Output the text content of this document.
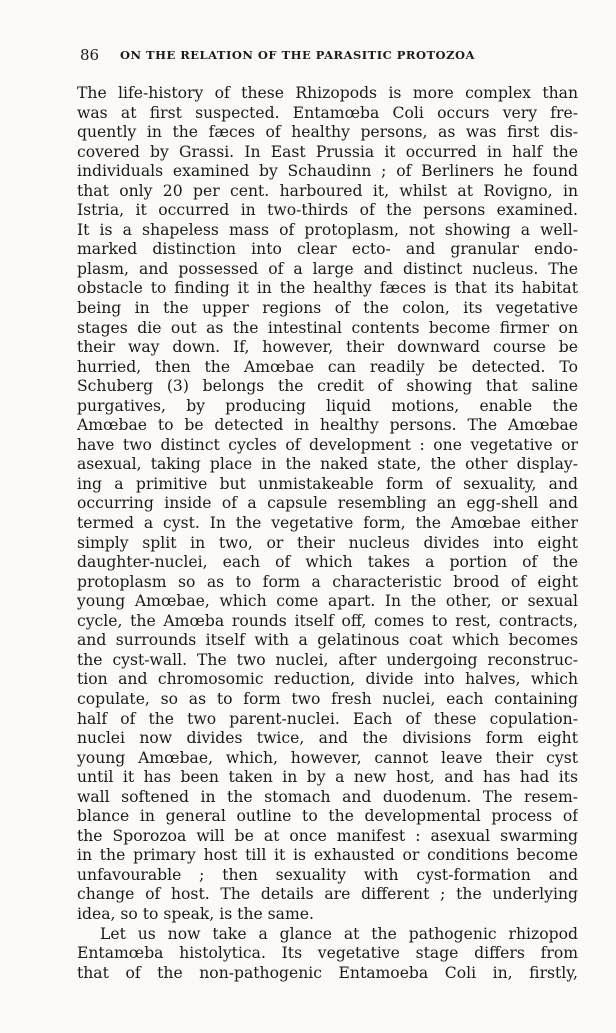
86 ON THE RELATION OF THE PARASITIC PROTOZOA
The life-history of these Rhizopods is more complex than
was at first suspected. Entamœba Coli occurs very fre-
quently in the fæces of healthy persons, as was first dis-
covered by Grassi. In East Prussia it occurred in half the
individuals examined by Schaudinn ; of Berliners he found
that only 20 per cent. harboured it, whilst at Rovigno, in
Istria, it occurred in two-thirds of the persons examined.
It is a shapeless mass of protoplasm, not showing a well-
marked distinction into clear ecto- and granular endo-
plasm, and possessed of a large and distinct nucleus. The
obstacle to finding it in the healthy fæces is that its habitat
being in the upper regions of the colon, its vegetative
stages die out as the intestinal contents become firmer on
their way down. If, however, their downward course be
hurried, then the Amœbae can readily be detected. To
Schuberg (3) belongs the credit of showing that saline
purgatives, by producing liquid motions, enable the
Amœbae to be detected in healthy persons. The Amœbae
have two distinct cycles of development : one vegetative or
asexual, taking place in the naked state, the other display-
ing a primitive but unmistakeable form of sexuality, and
occurring inside of a capsule resembling an egg-shell and
termed a cyst. In the vegetative form, the Amœbae either
simply split in two, or their nucleus divides into eight
daughter-nuclei, each of which takes a portion of the
protoplasm so as to form a characteristic brood of eight
young Amœbae, which come apart. In the other, or sexual
cycle, the Amœba rounds itself off, comes to rest, contracts,
and surrounds itself with a gelatinous coat which becomes
the cyst-wall. The two nuclei, after undergoing reconstruc-
tion and chromosomic reduction, divide into halves, which
copulate, so as to form two fresh nuclei, each containing
half of the two parent-nuclei. Each of these copulation-
nuclei now divides twice, and the divisions form eight
young Amœbae, which, however, cannot leave their cyst
until it has been taken in by a new host, and has had its
wall softened in the stomach and duodenum. The resem-
blance in general outline to the developmental process of
the Sporozoa will be at once manifest : asexual swarming
in the primary host till it is exhausted or conditions become
unfavourable ; then sexuality with cyst-formation and
change of host. The details are different ; the underlying
idea, so to speak, is the same.
Let us now take a glance at the pathogenic rhizopod
Entamœba histolytica. Its vegetative stage differs from
that of the non-pathogenic Entamoeba Coli in, firstly,
